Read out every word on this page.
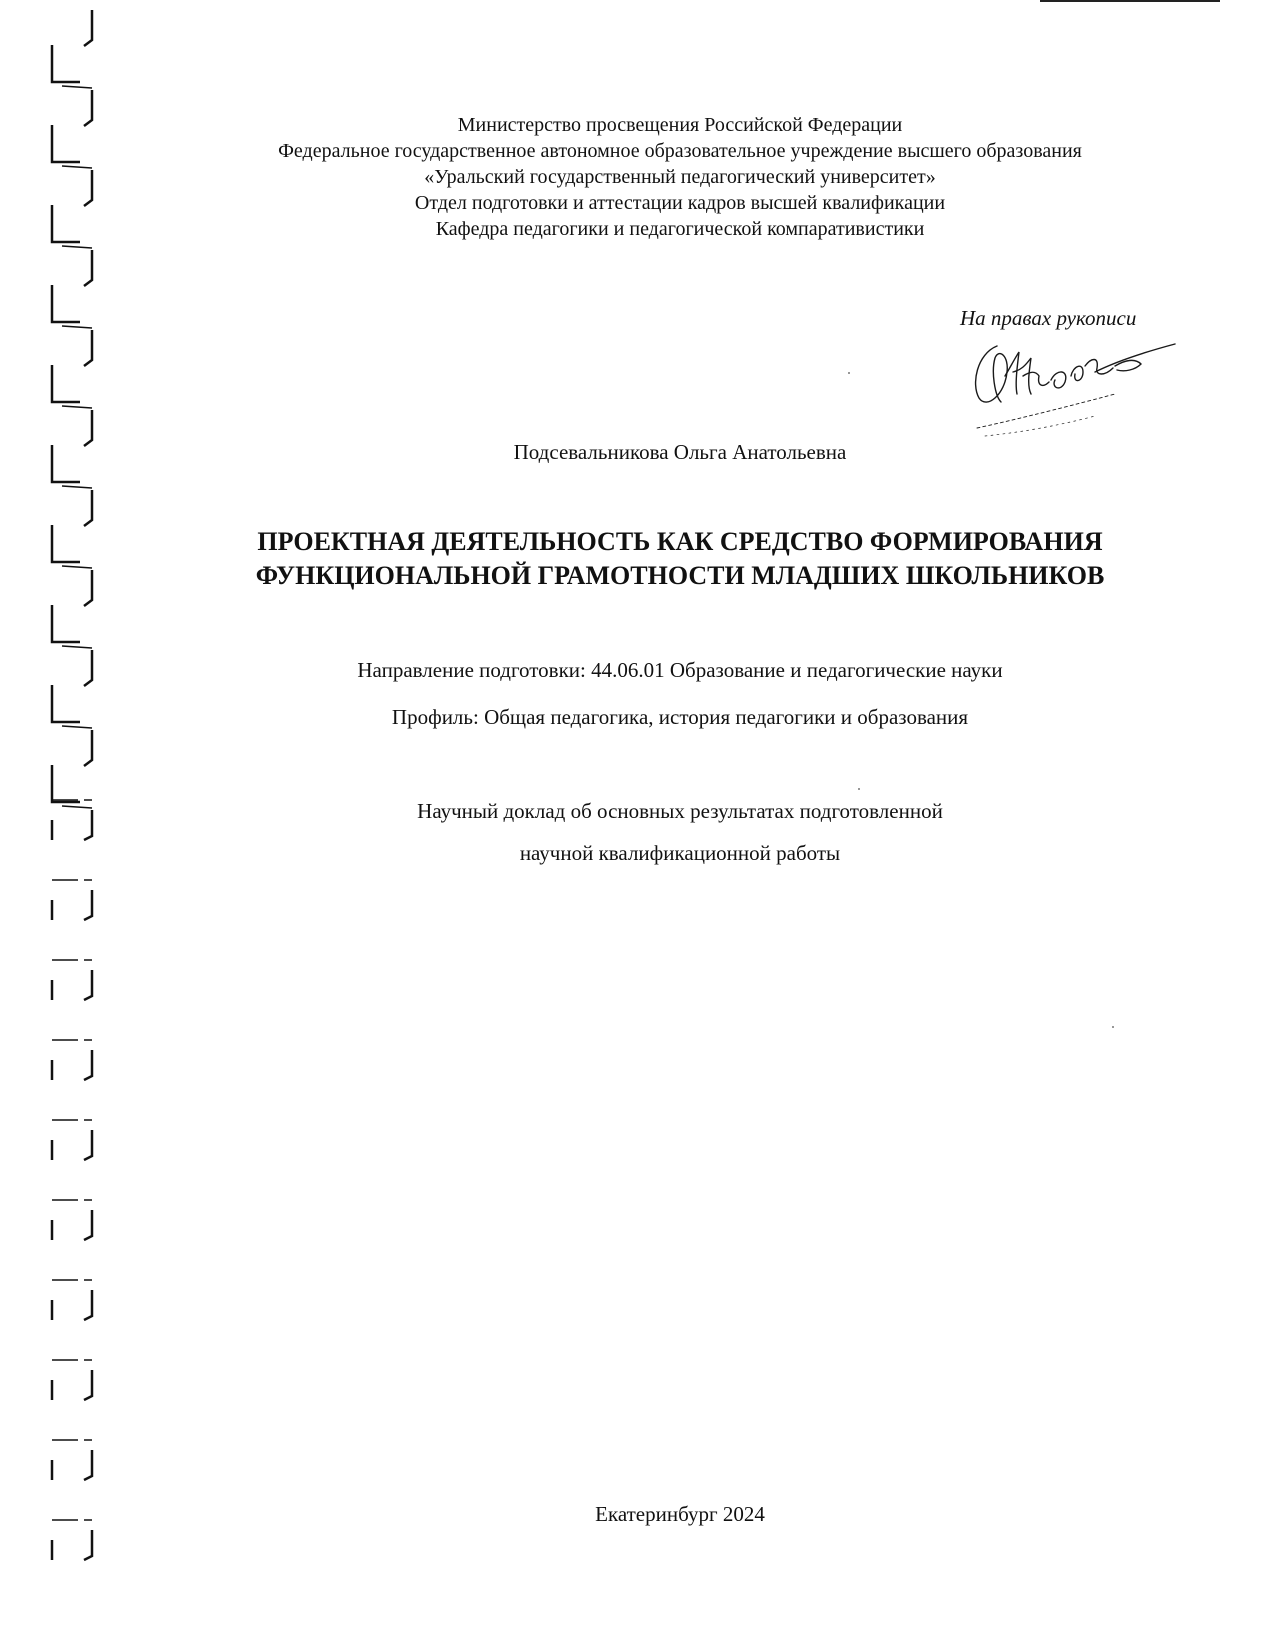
Министерство просвещения Российской Федерации
Федеральное государственное автономное образовательное учреждение высшего образования
«Уральский государственный педагогический университет»
Отдел подготовки и аттестации кадров высшей квалификации
Кафедра педагогики и педагогической компаративистики
На правах рукописи
Подсевальникова Ольга Анатольевна
ПРОЕКТНАЯ ДЕЯТЕЛЬНОСТЬ КАК СРЕДСТВО ФОРМИРОВАНИЯ
ФУНКЦИОНАЛЬНОЙ ГРАМОТНОСТИ МЛАДШИХ ШКОЛЬНИКОВ
Направление подготовки: 44.06.01 Образование и педагогические науки
Профиль: Общая педагогика, история педагогики и образования
Научный доклад об основных результатах подготовленной
научной квалификационной работы
Екатеринбург 2024
